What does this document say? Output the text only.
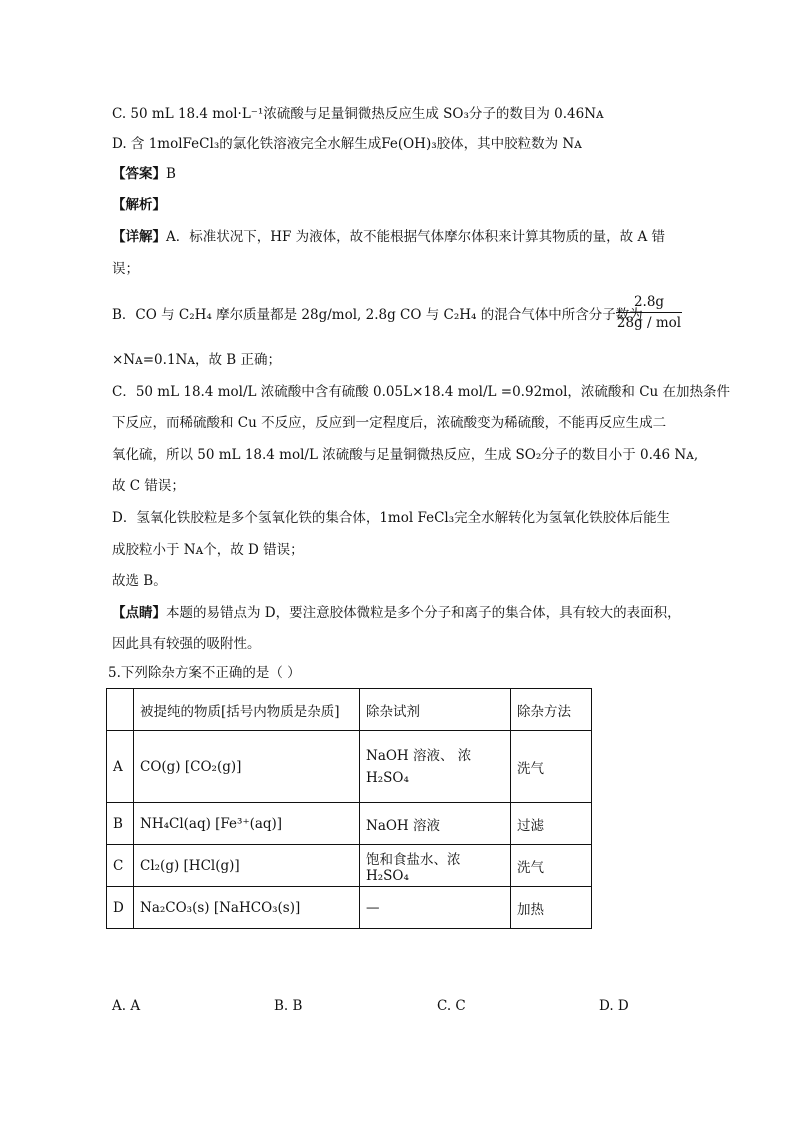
C. 50 mL 18.4 mol·L⁻¹浓硫酸与足量铜微热反应生成 SO₃分子的数目为 0.46Nᴀ
D. 含 1molFeCl₃的氯化铁溶液完全水解生成Fe(OH)₃胶体，其中胶粒数为 Nᴀ
【答案】B
【解析】
【详解】A．标准状况下，HF 为液体，故不能根据气体摩尔体积来计算其物质的量，故 A 错
误；
B．CO 与 C₂H₄ 摩尔质量都是 28g/mol, 2.8g CO 与 C₂H₄ 的混合气体中所含分子数为
2.8g
28g / mol
×Nᴀ=0.1Nᴀ，故 B 正确；
C．50 mL 18.4 mol/L 浓硫酸中含有硫酸 0.05L×18.4 mol/L =0.92mol，浓硫酸和 Cu 在加热条件
下反应，而稀硫酸和 Cu 不反应，反应到一定程度后，浓硫酸变为稀硫酸，不能再反应生成二
氧化硫，所以 50 mL 18.4 mol/L 浓硫酸与足量铜微热反应，生成 SO₂分子的数目小于 0.46 Nᴀ,
故 C 错误；
D．氢氧化铁胶粒是多个氢氧化铁的集合体，1mol FeCl₃完全水解转化为氢氧化铁胶体后能生
成胶粒小于 Nᴀ个，故 D 错误；
故选 B。
【点睛】本题的易错点为 D，要注意胶体微粒是多个分子和离子的集合体，具有较大的表面积，
因此具有较强的吸附性。
5.下列除杂方案不正确的是（ ）
	被提纯的物质[括号内物质是杂质]	除杂试剂	除杂方法
A	CO(g) [CO₂(g)]	NaOH 溶液、 浓
H₂SO₄	洗气
B	NH₄Cl(aq) [Fe³⁺(aq)]	NaOH 溶液	过滤
C	Cl₂(g) [HCl(g)]	饱和食盐水、浓 H₂SO₄	洗气
D	Na₂CO₃(s) [NaHCO₃(s)]	—	加热
A. A	B. B	C. C	D. D
